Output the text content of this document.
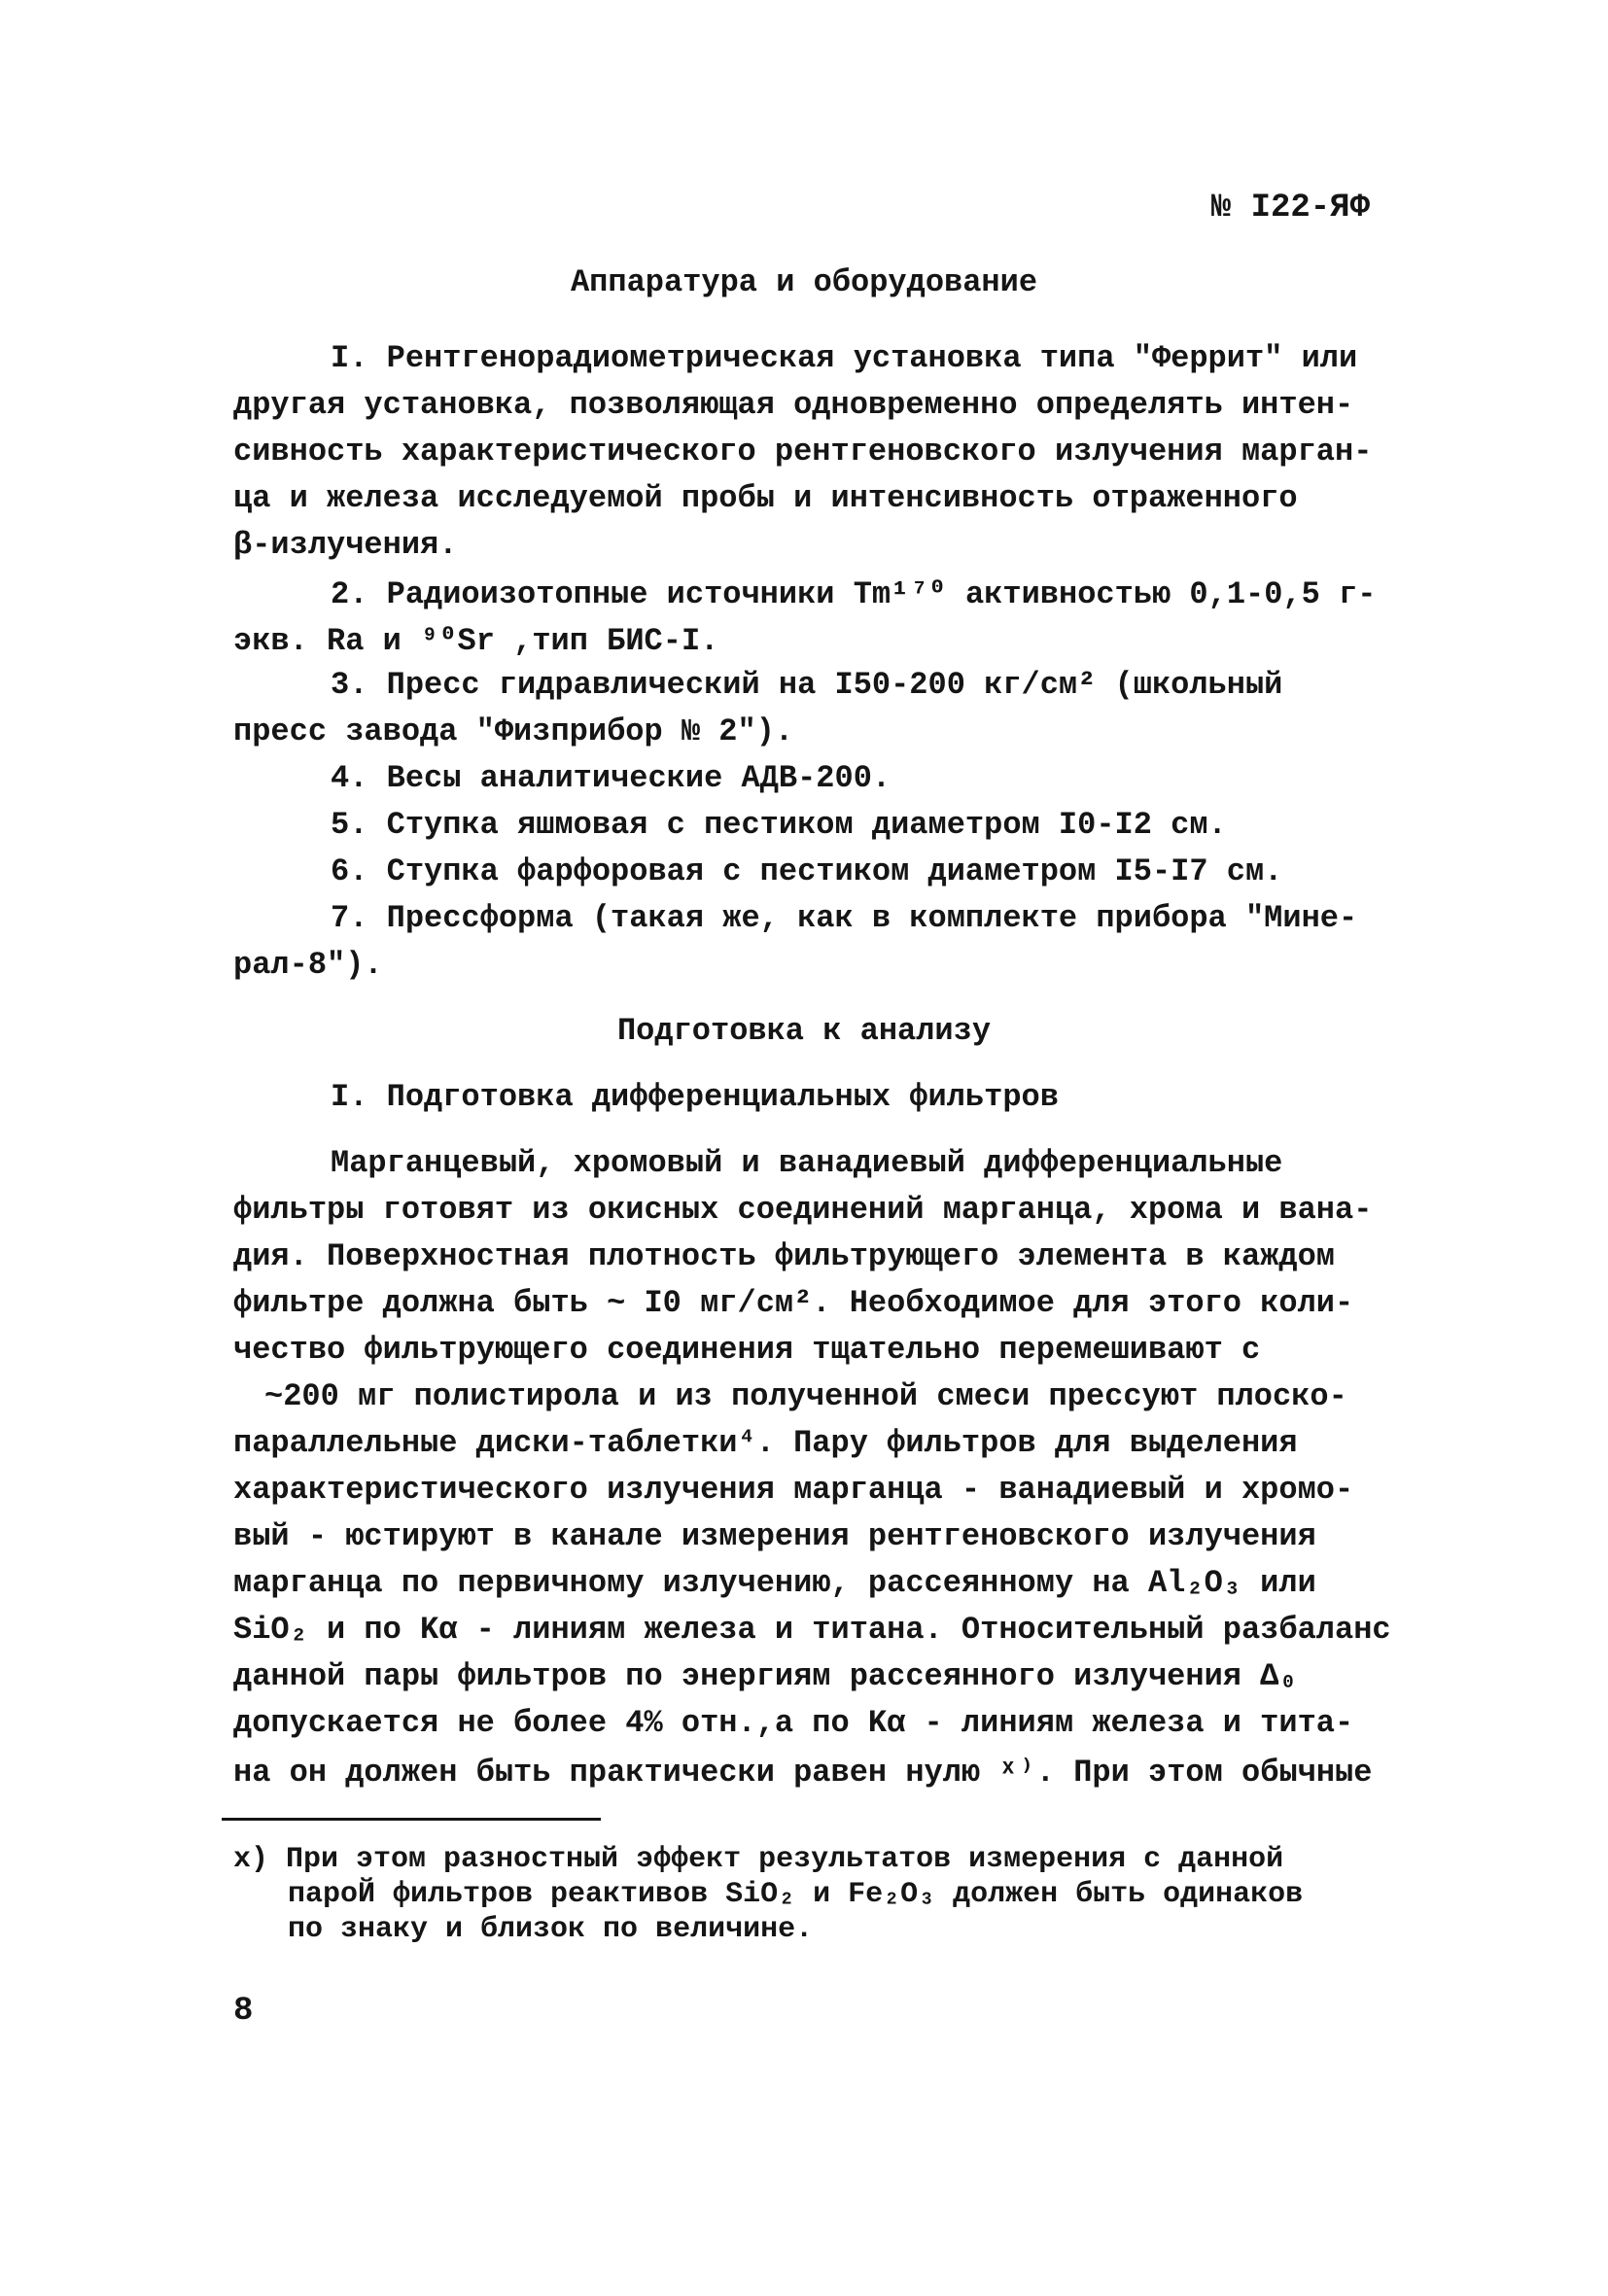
№ I22-ЯФ
Аппаратура и оборудование
I. Рентгенорадиометрическая установка типа "Феррит" или
другая установка, позволяющая одновременно определять интен-
сивность характеристического рентгеновского излучения марган-
ца и железа исследуемой пробы и интенсивность отраженного
β-излучения.
2. Радиоизотопные источники Tm¹⁷⁰ активностью 0,1-0,5 г-
экв. Ra и ⁹⁰Sr ,тип БИС-I.
3. Пресс гидравлический на I50-200 кг/см² (школьный
пресс завода "Физприбор № 2").
4. Весы аналитические АДВ-200.
5. Ступка яшмовая с пестиком диаметром I0-I2 см.
6. Ступка фарфоровая с пестиком диаметром I5-I7 см.
7. Прессформа (такая же, как в комплекте прибора "Мине-
рал-8").
Подготовка к анализу
I. Подготовка дифференциальных фильтров
Марганцевый, хромовый и ванадиевый дифференциальные
фильтры готовят из окисных соединений марганца, хрома и вана-
дия. Поверхностная плотность фильтрующего элемента в каждом
фильтре должна быть ~ I0 мг/см². Необходимое для этого коли-
чество фильтрующего соединения тщательно перемешивают с
~200 мг полистирола и из полученной смеси прессуют плоско-
параллельные диски-таблетки⁴. Пару фильтров для выделения
характеристического излучения марганца - ванадиевый и хромо-
вый - юстируют в канале измерения рентгеновского излучения
марганца по первичному излучению, рассеянному на Al₂O₃ или
SiO₂ и по Kα - линиям железа и титана. Относительный разбаланс
данной пары фильтров по энергиям рассеянного излучения Δ₀
допускается не более 4% отн.,а по Kα - линиям железа и тита-
на он должен быть практически равен нулю ˣ⁾. При этом обычные
x) При этом разностный эффект результатов измерения с данной
пароЙ фильтров реактивов SiO₂ и Fe₂O₃ должен быть одинаков
по знаку и близок по величине.
8
